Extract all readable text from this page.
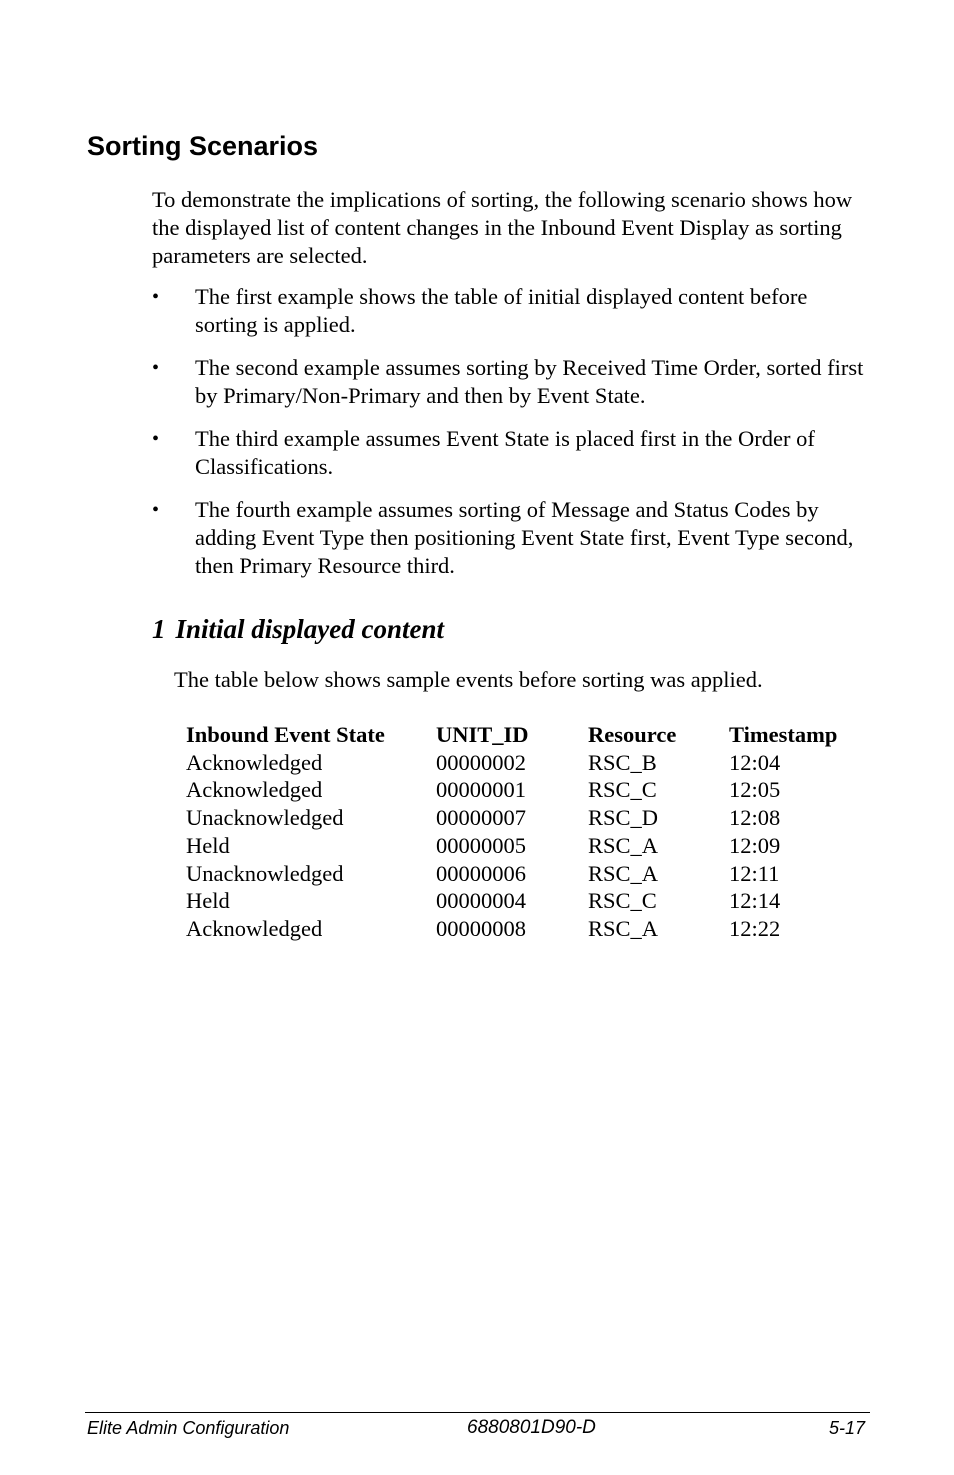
Sorting Scenarios

To demonstrate the implications of sorting, the following scenario shows how the displayed list of content changes in the Inbound Event Display as sorting parameters are selected.

• The first example shows the table of initial displayed content before sorting is applied.
• The second example assumes sorting by Received Time Order, sorted first by Primary/Non-Primary and then by Event State.
• The third example assumes Event State is placed first in the Order of Classifications.
• The fourth example assumes sorting of Message and Status Codes by adding Event Type then positioning Event State first, Event Type second, then Primary Resource third.
1 Initial displayed content

The table below shows sample events before sorting was applied.

Inbound Event State	UNIT_ID	Resource	Timestamp
Acknowledged	00000002	RSC_B	12:04
Acknowledged	00000001	RSC_C	12:05
Unacknowledged	00000007	RSC_D	12:08
Held	00000005	RSC_A	12:09
Unacknowledged	00000006	RSC_A	12:11
Held	00000004	RSC_C	12:14
Acknowledged	00000008	RSC_A	12:22
Elite Admin Configuration	6880801D90-D	5-17
